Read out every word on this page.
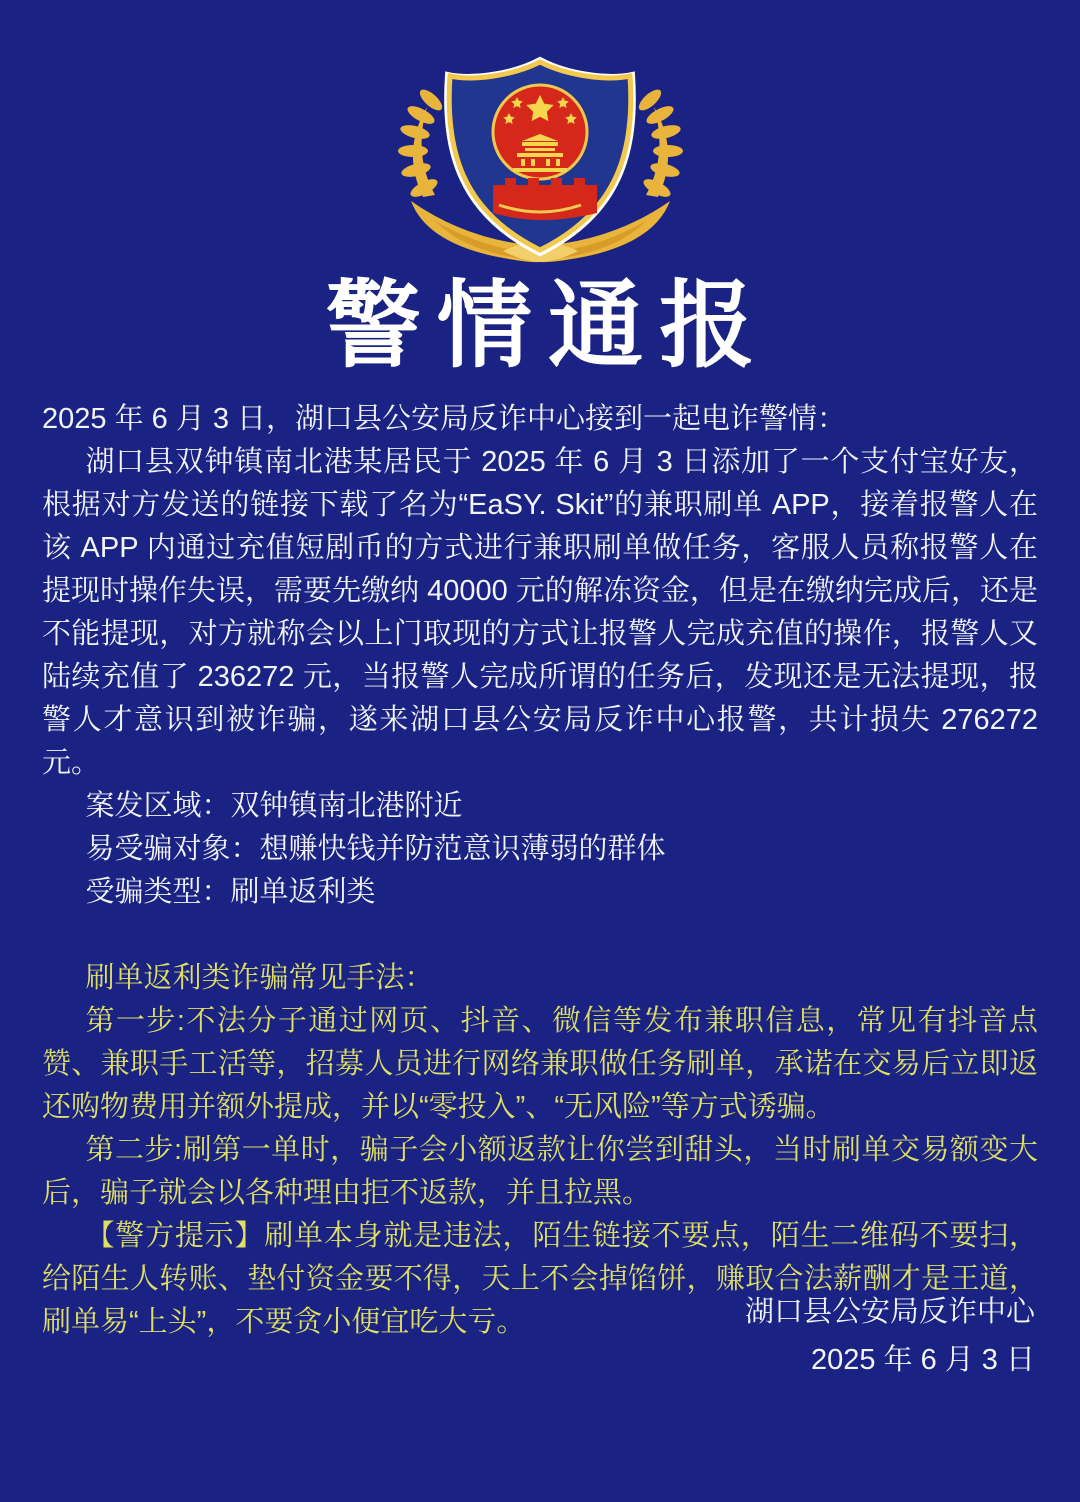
警情通报

2025 年 6 月 3 日，湖口县公安局反诈中心接到一起电诈警情：

湖口县双钟镇南北港某居民于 2025 年 6 月 3 日添加了一个支付宝好友，根据对方发送的链接下载了名为“EaSY. Skit”的兼职刷单 APP，接着报警人在该 APP 内通过充值短剧币的方式进行兼职刷单做任务，客服人员称报警人在提现时操作失误，需要先缴纳 40000 元的解冻资金，但是在缴纳完成后，还是不能提现，对方就称会以上门取现的方式让报警人完成充值的操作，报警人又陆续充值了 236272 元，当报警人完成所谓的任务后，发现还是无法提现，报警人才意识到被诈骗，遂来湖口县公安局反诈中心报警，共计损失 276272 元。

案发区域：双钟镇南北港附近

易受骗对象：想赚快钱并防范意识薄弱的群体

受骗类型：刷单返利类

刷单返利类诈骗常见手法：

第一步:不法分子通过网页、抖音、微信等发布兼职信息，常见有抖音点赞、兼职手工活等，招募人员进行网络兼职做任务刷单，承诺在交易后立即返还购物费用并额外提成，并以“零投入”、“无风险”等方式诱骗。

第二步:刷第一单时，骗子会小额返款让你尝到甜头，当时刷单交易额变大后，骗子就会以各种理由拒不返款，并且拉黑。

【警方提示】刷单本身就是违法，陌生链接不要点，陌生二维码不要扫，给陌生人转账、垫付资金要不得，天上不会掉馅饼，赚取合法薪酬才是王道，刷单易“上头”，不要贪小便宜吃大亏。	湖口县公安局反诈中心
2025 年 6 月 3 日
